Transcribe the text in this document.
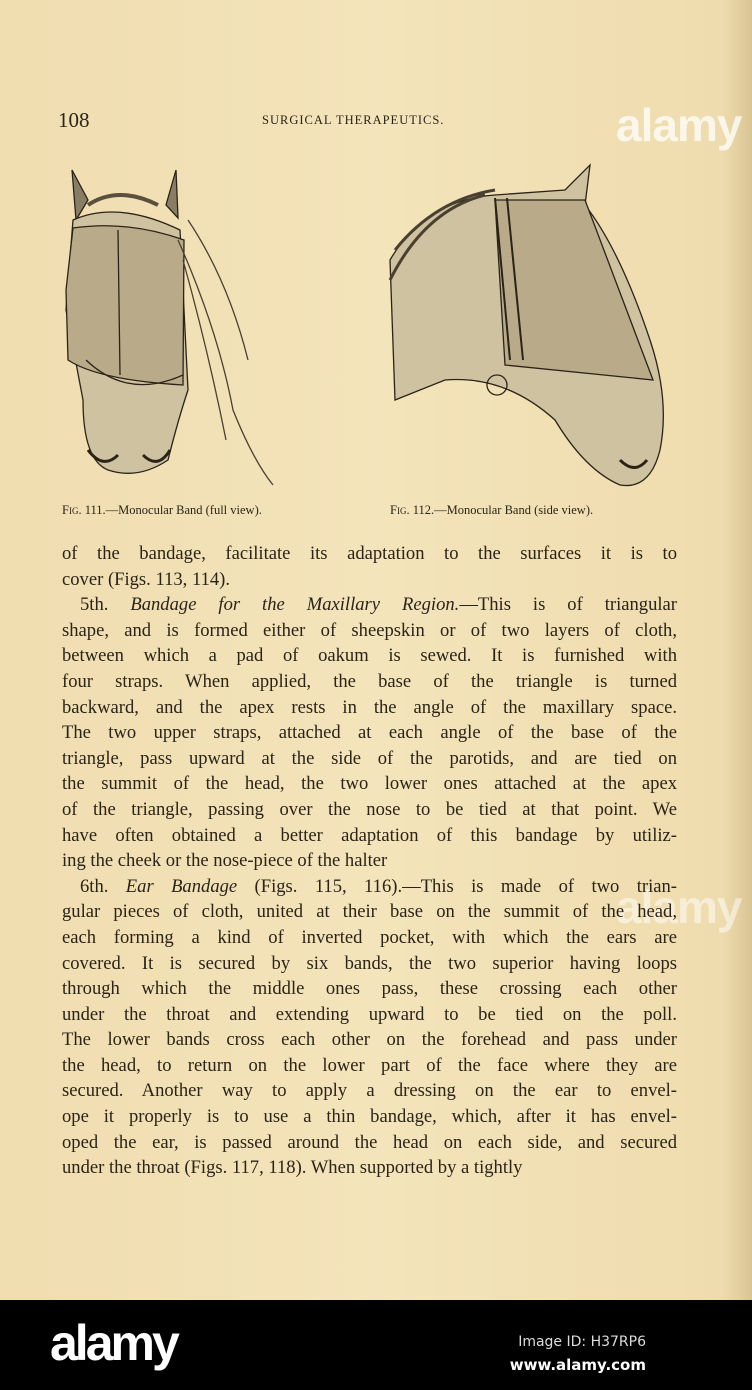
108	SURGICAL THERAPEUTICS.	alamy
alamy
Fig. 111.—Monocular Band (full view).	Fig. 112.—Monocular Band (side view).
of the bandage, facilitate its adaptation to the surfaces it is to
cover (Figs. 113, 114).
5th. Bandage for the Maxillary Region.—This is of triangular
shape, and is formed either of sheepskin or of two layers of cloth,
between which a pad of oakum is sewed. It is furnished with
four straps. When applied, the base of the triangle is turned
backward, and the apex rests in the angle of the maxillary space.
The two upper straps, attached at each angle of the base of the
triangle, pass upward at the side of the parotids, and are tied on
the summit of the head, the two lower ones attached at the apex
of the triangle, passing over the nose to be tied at that point. We
have often obtained a better adaptation of this bandage by utiliz-
ing the cheek or the nose-piece of the halter
6th. Ear Bandage (Figs. 115, 116).—This is made of two trian-
gular pieces of cloth, united at their base on the summit of the head,
each forming a kind of inverted pocket, with which the ears are
covered. It is secured by six bands, the two superior having loops
through which the middle ones pass, these crossing each other
under the throat and extending upward to be tied on the poll.
The lower bands cross each other on the forehead and pass under
the head, to return on the lower part of the face where they are
secured. Another way to apply a dressing on the ear to envel-
ope it properly is to use a thin bandage, which, after it has envel-
oped the ear, is passed around the head on each side, and secured
under the throat (Figs. 117, 118). When supported by a tightly
alamy	Image ID: H37RP6
www.alamy.com
